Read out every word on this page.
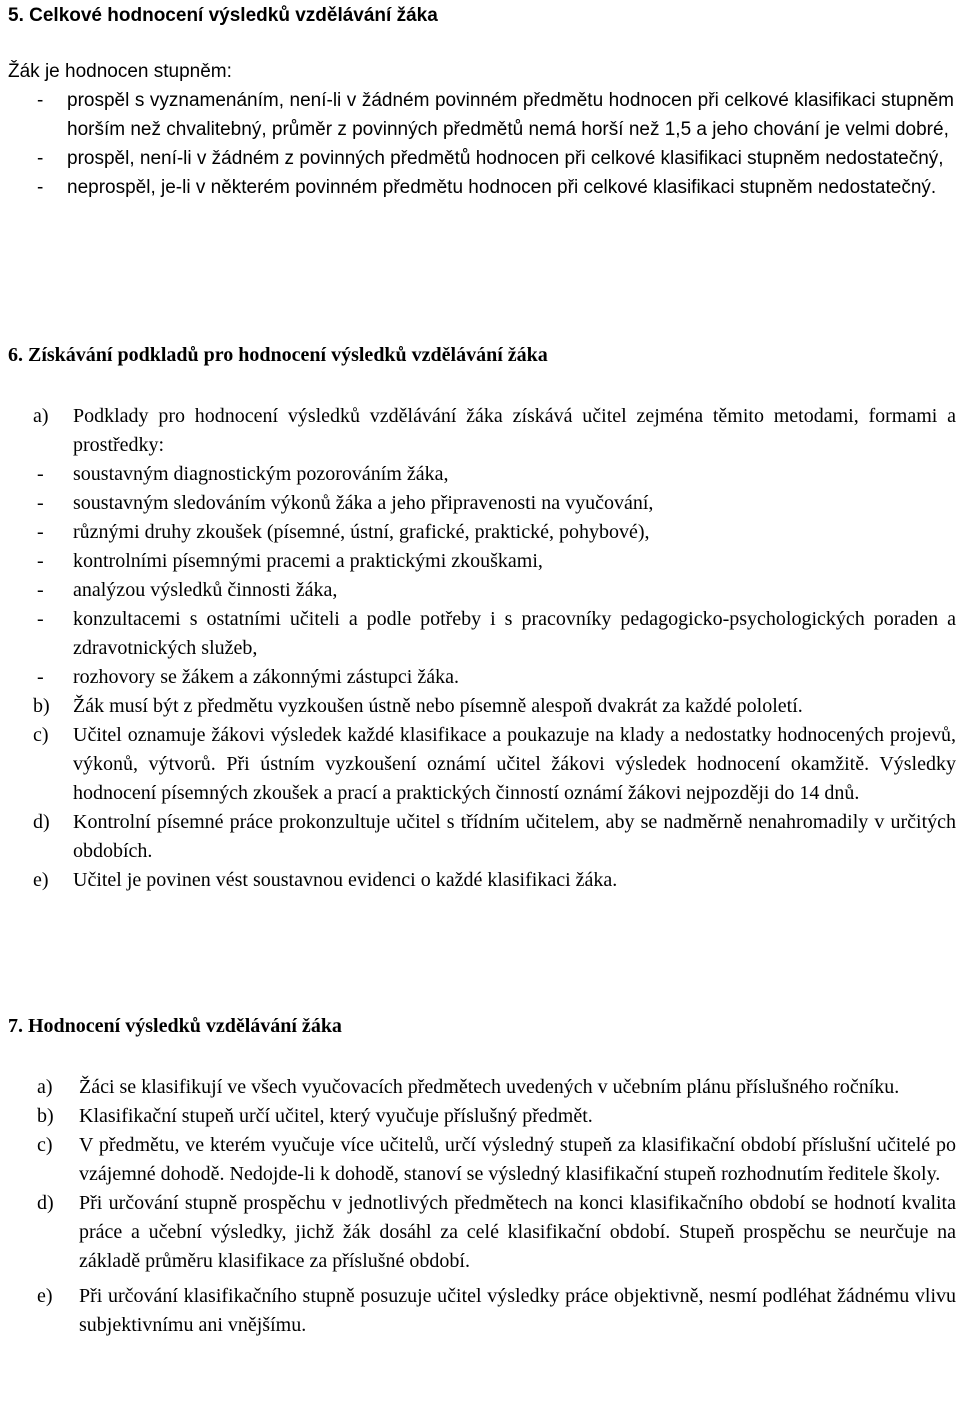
5. Celkové hodnocení výsledků vzdělávání žáka
Žák je hodnocen stupněm:
-	prospěl s vyznamenáním, není-li v žádném povinném předmětu hodnocen při celkové klasifikaci stupněm horším než chvalitebný, průměr z povinných předmětů nemá horší než 1,5 a jeho chování je velmi dobré,
-	prospěl, není-li v žádném z povinných předmětů hodnocen při celkové klasifikaci stupněm nedostatečný,
-	neprospěl, je-li v některém povinném předmětu hodnocen při celkové klasifikaci stupněm nedostatečný.
6. Získávání podkladů pro hodnocení výsledků vzdělávání žáka
a)	Podklady pro hodnocení výsledků vzdělávání žáka získává učitel zejména těmito metodami, formami a prostředky:
-	soustavným diagnostickým pozorováním žáka,
-	soustavným sledováním výkonů žáka a jeho připravenosti na vyučování,
-	různými druhy zkoušek (písemné, ústní, grafické, praktické, pohybové),
-	kontrolními písemnými pracemi a praktickými zkouškami,
-	analýzou výsledků činnosti žáka,
-	konzultacemi s ostatními učiteli a podle potřeby i s pracovníky pedagogicko-psychologických poraden a zdravotnických služeb,
-	rozhovory se žákem a zákonnými zástupci žáka.
b)	Žák musí být z předmětu vyzkoušen ústně nebo písemně alespoň dvakrát za každé pololetí.
c)	Učitel oznamuje žákovi výsledek každé klasifikace a poukazuje na klady a nedostatky hodnocených projevů, výkonů, výtvorů. Při ústním vyzkoušení oznámí učitel žákovi výsledek hodnocení okamžitě. Výsledky hodnocení písemných zkoušek a prací a praktických činností oznámí žákovi nejpozději do 14 dnů.
d)	Kontrolní písemné práce prokonzultuje učitel s třídním učitelem, aby se nadměrně nenahromadily v určitých obdobích.
e)	Učitel je povinen vést soustavnou evidenci o každé klasifikaci žáka.
7. Hodnocení výsledků vzdělávání žáka
a)	Žáci se klasifikují ve všech vyučovacích předmětech uvedených v učebním plánu příslušného ročníku.
b)	Klasifikační stupeň určí učitel, který vyučuje příslušný předmět.
c)	V předmětu, ve kterém vyučuje více učitelů, určí výsledný stupeň za klasifikační období příslušní učitelé po vzájemné dohodě. Nedojde-li k dohodě, stanoví se výsledný klasifikační stupeň rozhodnutím ředitele školy.
d)	Při určování stupně prospěchu v jednotlivých předmětech na konci klasifikačního období se hodnotí kvalita práce a učební výsledky, jichž žák dosáhl za celé klasifikační období. Stupeň prospěchu se neurčuje na základě průměru klasifikace za příslušné období.
e)	Při určování klasifikačního stupně posuzuje učitel výsledky práce objektivně, nesmí podléhat žádnému vlivu subjektivnímu ani vnějšímu.
